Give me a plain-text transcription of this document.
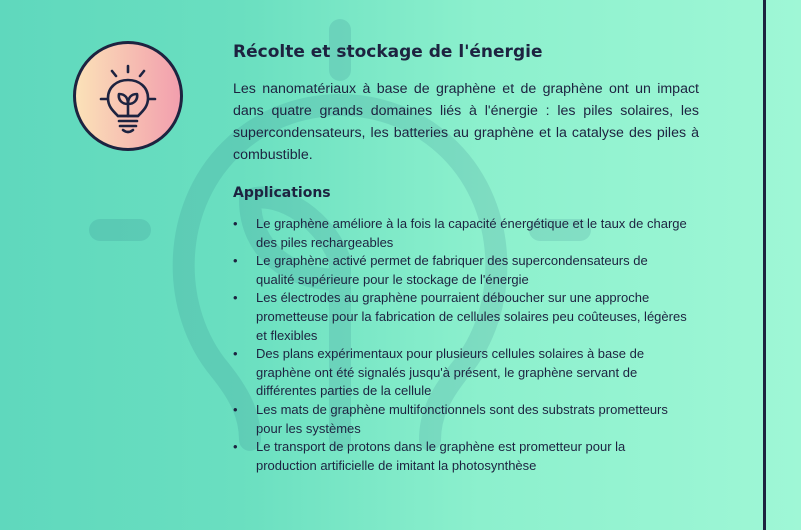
Récolte et stockage de l'énergie

Les nanomatériaux à base de graphène et de graphène ont un impact dans quatre grands domaines liés à l'énergie : les piles solaires, les supercondensateurs, les batteries au graphène et la catalyse des piles à combustible.

Applications
• Le graphène améliore à la fois la capacité énergétique et le taux de charge des piles rechargeables
• Le graphène activé permet de fabriquer des supercondensateurs de qualité supérieure pour le stockage de l'énergie
• Les électrodes au graphène pourraient déboucher sur une approche prometteuse pour la fabrication de cellules solaires peu coûteuses, légères et flexibles
• Des plans expérimentaux pour plusieurs cellules solaires à base de graphène ont été signalés jusqu'à présent, le graphène servant de différentes parties de la cellule
• Les mats de graphène multifonctionnels sont des substrats prometteurs pour les systèmes
• Le transport de protons dans le graphène est prometteur pour la production artificielle de imitant la photosynthèse
